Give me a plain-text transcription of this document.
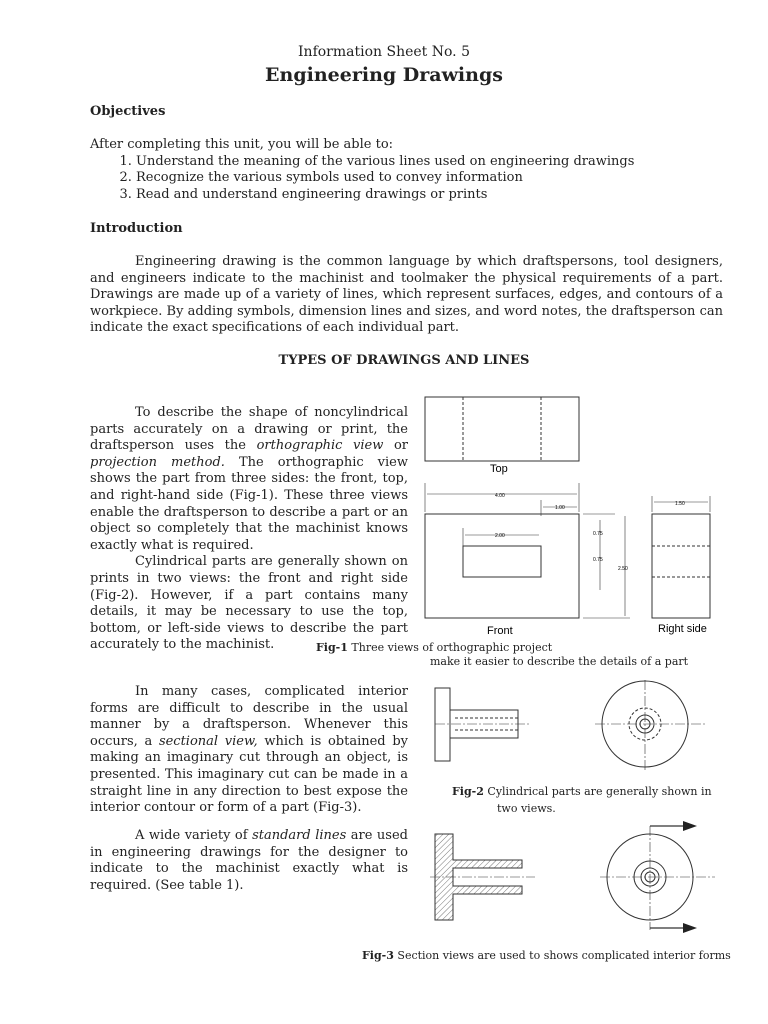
Information Sheet No. 5
Engineering Drawings
Objectives
After completing this unit, you will be able to:
1. Understand the meaning of the various lines used on engineering drawings
2. Recognize the various symbols used to convey information
3. Read and understand engineering drawings or prints
Introduction
Engineering drawing is the common language by which draftspersons, tool designers, and engineers indicate to the machinist and toolmaker the physical requirements of a part. Drawings are made up of a variety of lines, which represent surfaces, edges, and contours of a workpiece. By adding symbols, dimension lines and sizes, and word notes, the draftsperson can indicate the exact specifications of each individual part.
TYPES OF DRAWINGS AND LINES
To describe the shape of noncylindrical parts accurately on a drawing or print, the draftsperson uses the orthographic view or projection method. The orthographic view shows the part from three sides: the front, top, and right-hand side (Fig-1). These three views enable the draftsperson to describe a part or an object so completely that the machinist knows exactly what is required.
Cylindrical parts are generally shown on prints in two views: the front and right side (Fig-2). However, if a part contains many details, it may be necessary to use the top, bottom, or left-side views to describe the part accurately to the machinist.
In many cases, complicated interior forms are difficult to describe in the usual manner by a draftsperson. Whenever this occurs, a sectional view, which is obtained by making an imaginary cut through an object, is presented. This imaginary cut can be made in a straight line in any direction to best expose the interior contour or form of a part (Fig-3).
A wide variety of standard lines are used in engineering drawings for the designer to indicate to the machinist exactly what is required. (See table 1).
Top
4.00
1.00
2.00	0.75
0.75
2.50
Front
1.50
Right side
Fig-1 Three views of orthographic project
make it easier to describe the details of a part
Fig-2 Cylindrical parts are generally shown in
two views.
Fig-3 Section views are used to shows complicated interior forms
